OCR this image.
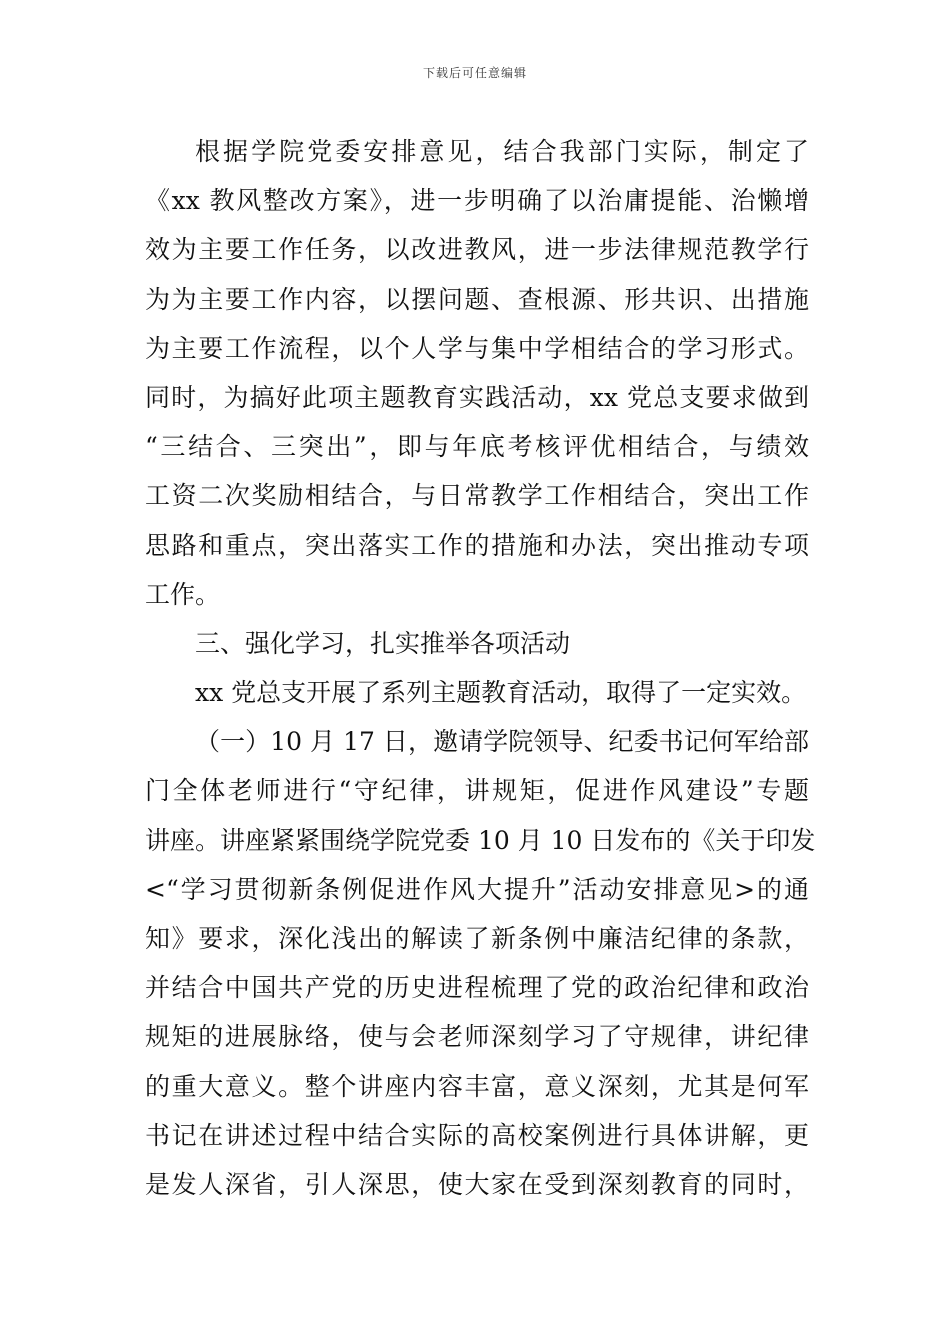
下载后可任意编辑
根据学院党委安排意见，结合我部门实际，制定了
《xx 教风整改方案》，进一步明确了以治庸提能、治懒增
效为主要工作任务，以改进教风，进一步法律规范教学行
为为主要工作内容，以摆问题、查根源、形共识、出措施
为主要工作流程，以个人学与集中学相结合的学习形式。
同时，为搞好此项主题教育实践活动，xx 党总支要求做到
“三结合、三突出”，即与年底考核评优相结合，与绩效
工资二次奖励相结合，与日常教学工作相结合，突出工作
思路和重点，突出落实工作的措施和办法，突出推动专项
工作。
三、强化学习，扎实推举各项活动
xx 党总支开展了系列主题教育活动，取得了一定实效。
（一）10 月 17 日，邀请学院领导、纪委书记何军给部
门全体老师进行“守纪律，讲规矩，促进作风建设”专题
讲座。讲座紧紧围绕学院党委 10 月 10 日发布的《关于印发
<“学习贯彻新条例促进作风大提升”活动安排意见>的通
知》要求，深化浅出的解读了新条例中廉洁纪律的条款，
并结合中国共产党的历史进程梳理了党的政治纪律和政治
规矩的进展脉络，使与会老师深刻学习了守规律，讲纪律
的重大意义。整个讲座内容丰富，意义深刻，尤其是何军
书记在讲述过程中结合实际的高校案例进行具体讲解，更
是发人深省，引人深思，使大家在受到深刻教育的同时，
